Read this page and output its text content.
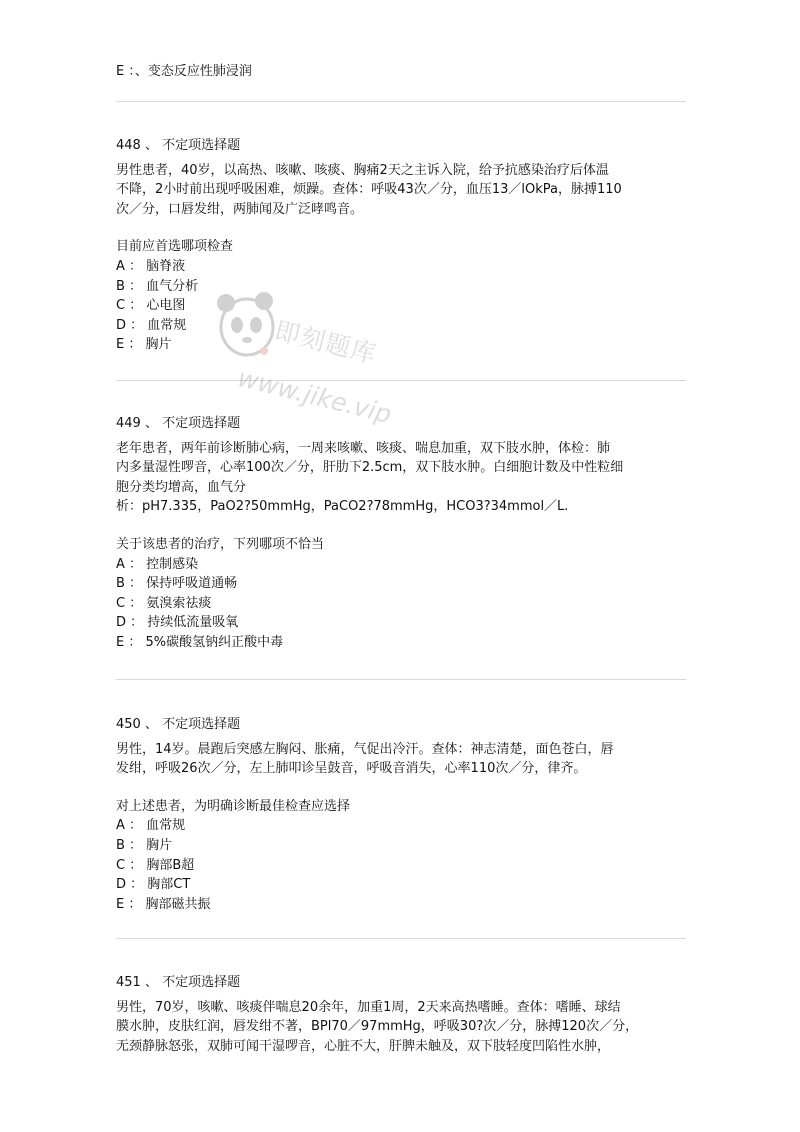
E ：、变态反应性肺浸润
448 、 不定项选择题
男性患者，40岁，以高热、咳嗽、咳痰、胸痛2天之主诉入院，给予抗感染治疗后体温
不降，2小时前出现呼吸困难，烦躁。查体：呼吸43次／分，血压13／lOkPa，脉搏110
次／分，口唇发绀，两肺闻及广泛哮鸣音。
目前应首选哪项检查
A ： 脑脊液
B ： 血气分析
C ： 心电图
D ： 血常规
E ： 胸片
449 、 不定项选择题
老年患者，两年前诊断肺心病，一周来咳嗽、咳痰、喘息加重，双下肢水肿，体检：肺
内多量湿性啰音，心率100次／分，肝肋下2.5cm，双下肢水肿。白细胞计数及中性粒细
胞分类均增高，血气分
析：pH7.335，PaO2?50mmHg，PaCO2?78mmHg，HCO3?34mmol／L.
关于该患者的治疗，下列哪项不恰当
A ： 控制感染
B ： 保持呼吸道通畅
C ： 氨溴索祛痰
D ： 持续低流量吸氧
E ： 5%碳酸氢钠纠正酸中毒
450 、 不定项选择题
男性，14岁。晨跑后突感左胸闷、胀痛，气促出冷汗。查体：神志清楚，面色苍白，唇
发绀，呼吸26次／分，左上肺叩诊呈鼓音，呼吸音消失，心率110次／分，律齐。
对上述患者，为明确诊断最佳检查应选择
A ： 血常规
B ： 胸片
C ： 胸部B超
D ： 胸部CT
E ： 胸部磁共振
451 、 不定项选择题
男性，70岁，咳嗽、咳痰伴喘息20余年，加重1周，2天来高热嗜睡。查体：嗜睡、球结
膜水肿，皮肤红润，唇发绀不著，BPl70／97mmHg，呼吸30?次／分，脉搏120次／分，
无颈静脉怒张，双肺可闻干湿啰音，心脏不大，肝脾未触及，双下肢轻度凹陷性水肿，
即刻题库
www.jike.vip
